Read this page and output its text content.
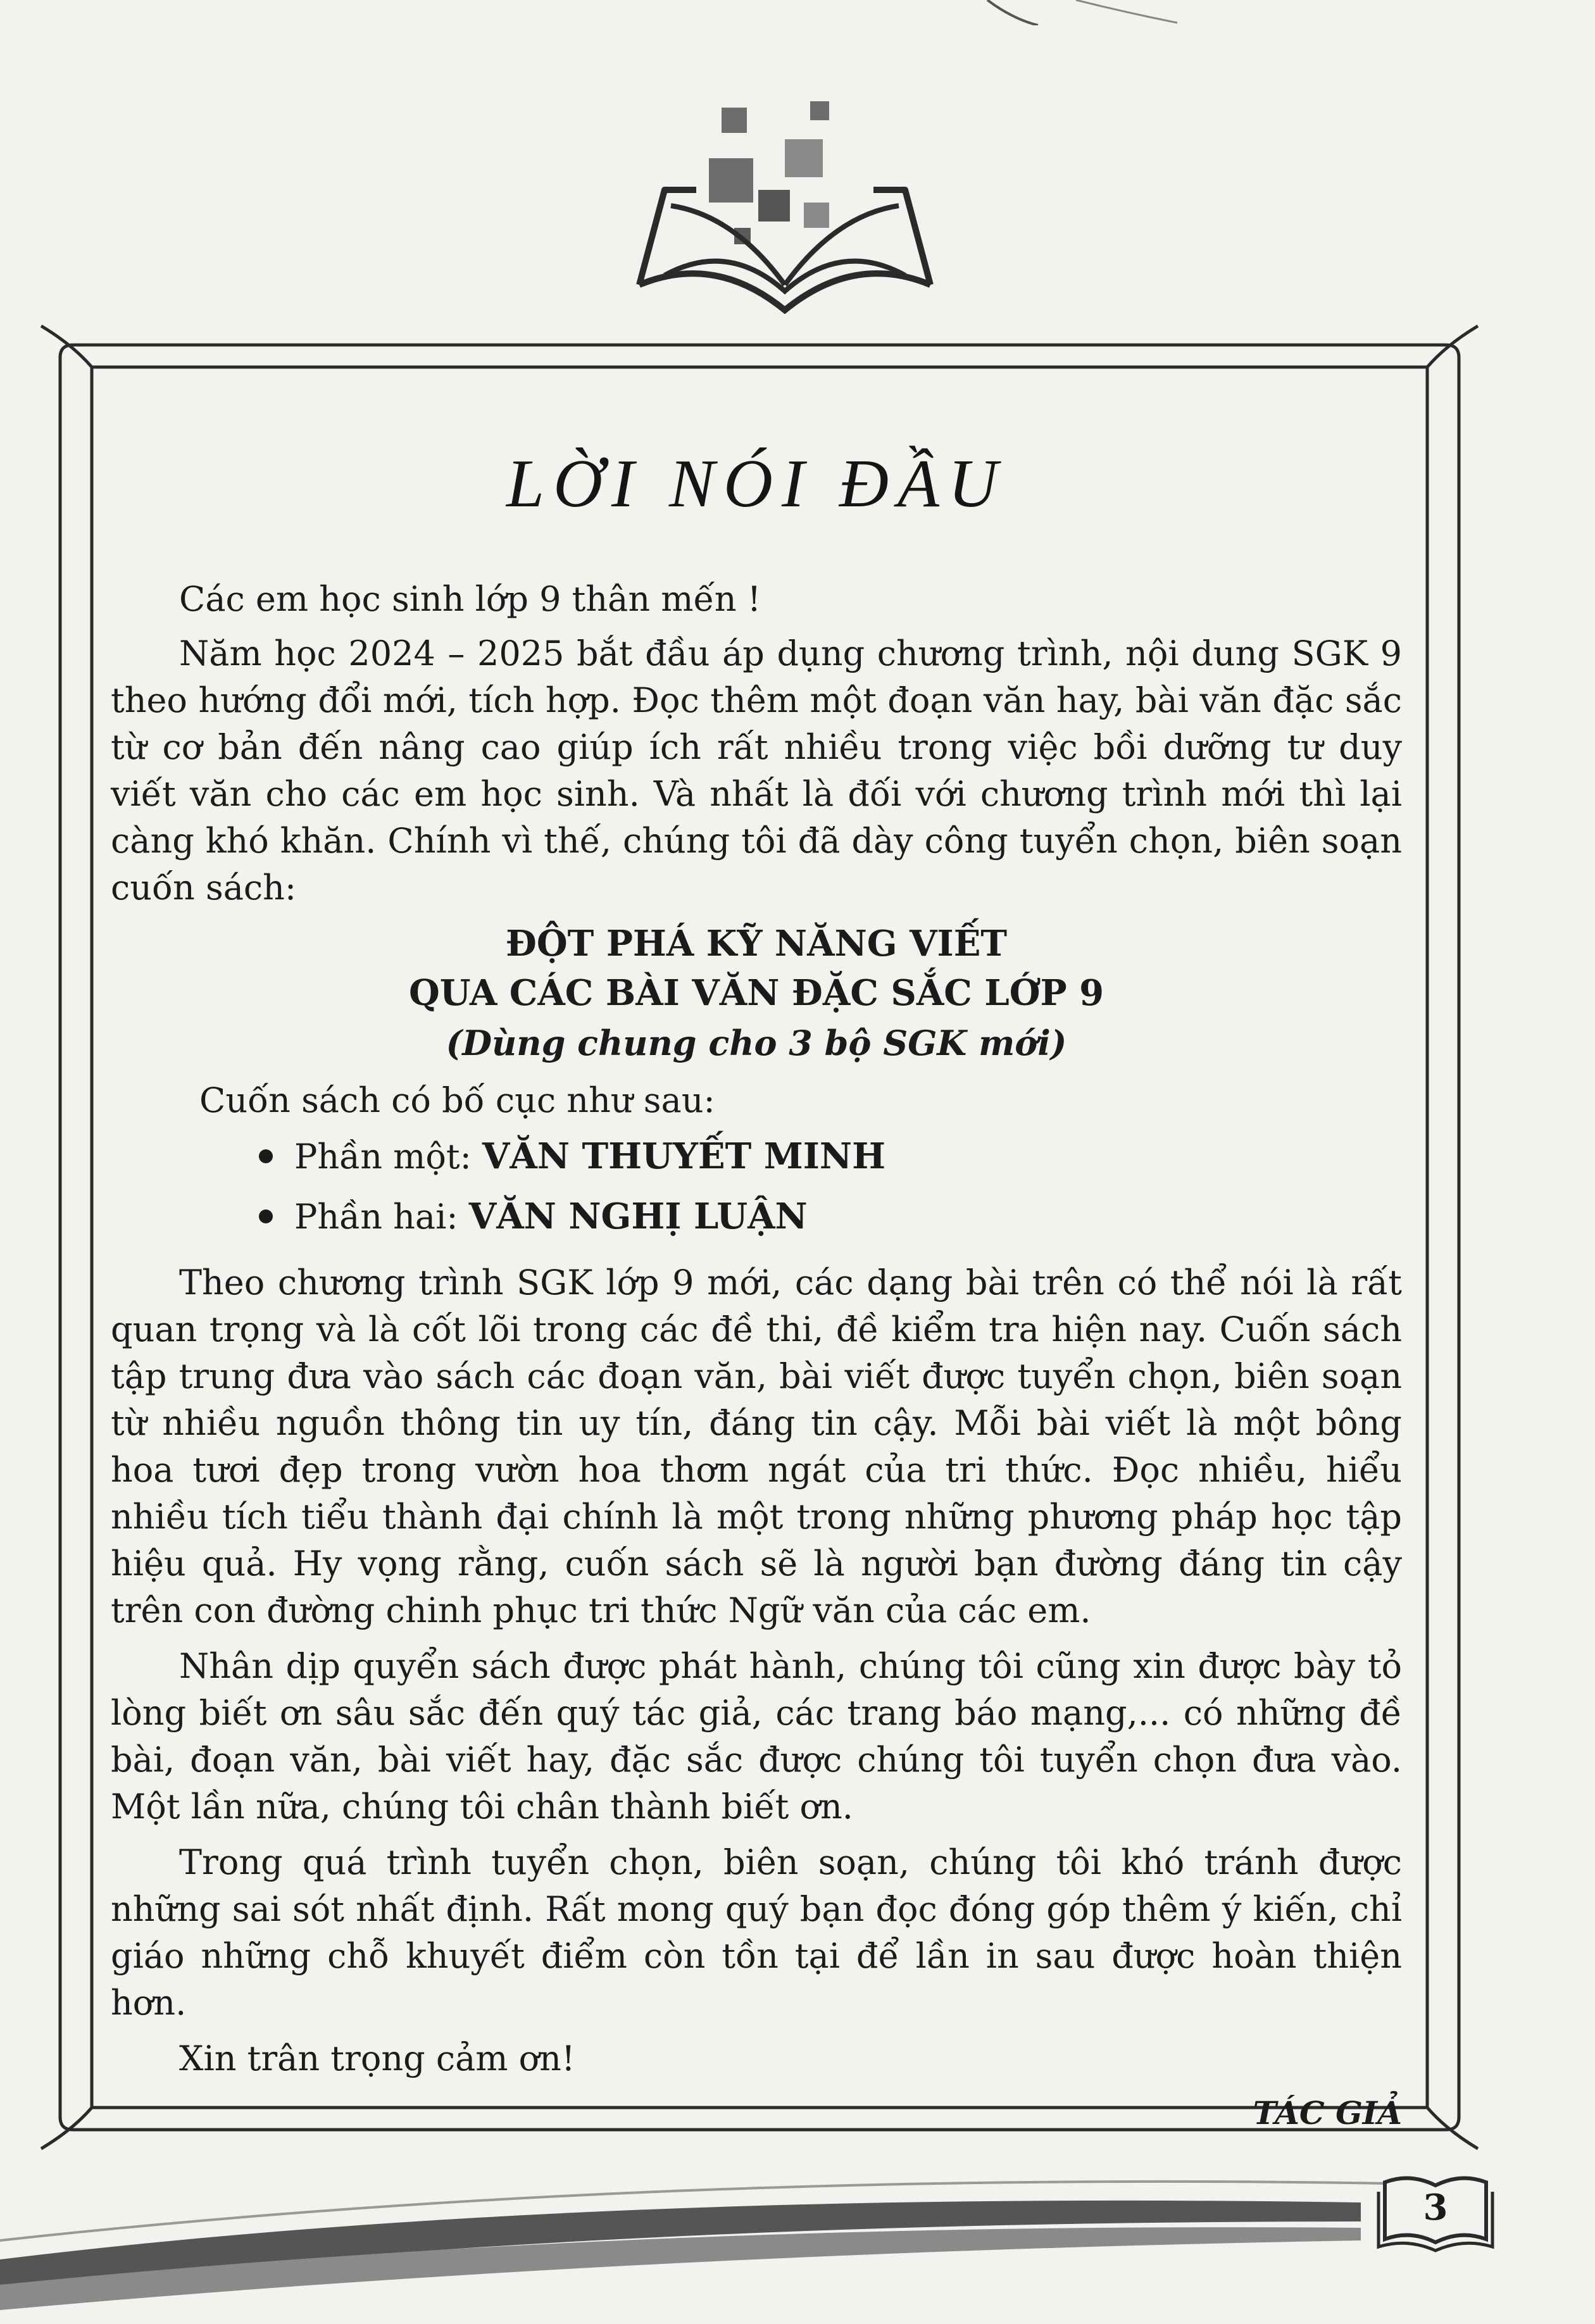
LỜI NÓI ĐẦU

Các em học sinh lớp 9 thân mến !

Năm học 2024 – 2025 bắt đầu áp dụng chương trình, nội dung SGK 9 theo hướng đổi mới, tích hợp. Đọc thêm một đoạn văn hay, bài văn đặc sắc từ cơ bản đến nâng cao giúp ích rất nhiều trong việc bồi dưỡng tư duy viết văn cho các em học sinh. Và nhất là đối với chương trình mới thì lại càng khó khăn. Chính vì thế, chúng tôi đã dày công tuyển chọn, biên soạn cuốn sách:

ĐỘT PHÁ KỸ NĂNG VIẾT

QUA CÁC BÀI VĂN ĐẶC SẮC LỚP 9

(Dùng chung cho 3 bộ SGK mới)

Cuốn sách có bố cục như sau:

Phần một: VĂN THUYẾT MINH
Phần hai: VĂN NGHỊ LUẬN

Theo chương trình SGK lớp 9 mới, các dạng bài trên có thể nói là rất quan trọng và là cốt lõi trong các đề thi, đề kiểm tra hiện nay. Cuốn sách tập trung đưa vào sách các đoạn văn, bài viết được tuyển chọn, biên soạn từ nhiều nguồn thông tin uy tín, đáng tin cậy. Mỗi bài viết là một bông hoa tươi đẹp trong vườn hoa thơm ngát của tri thức. Đọc nhiều, hiểu nhiều tích tiểu thành đại chính là một trong những phương pháp học tập hiệu quả. Hy vọng rằng, cuốn sách sẽ là người bạn đường đáng tin cậy trên con đường chinh phục tri thức Ngữ văn của các em.

Nhân dịp quyển sách được phát hành, chúng tôi cũng xin được bày tỏ lòng biết ơn sâu sắc đến quý tác giả, các trang báo mạng,... có những đề bài, đoạn văn, bài viết hay, đặc sắc được chúng tôi tuyển chọn đưa vào. Một lần nữa, chúng tôi chân thành biết ơn.

Trong quá trình tuyển chọn, biên soạn, chúng tôi khó tránh được những sai sót nhất định. Rất mong quý bạn đọc đóng góp thêm ý kiến, chỉ giáo những chỗ khuyết điểm còn tồn tại để lần in sau được hoàn thiện hơn.

Xin trân trọng cảm ơn!

TÁC GIẢ
3
